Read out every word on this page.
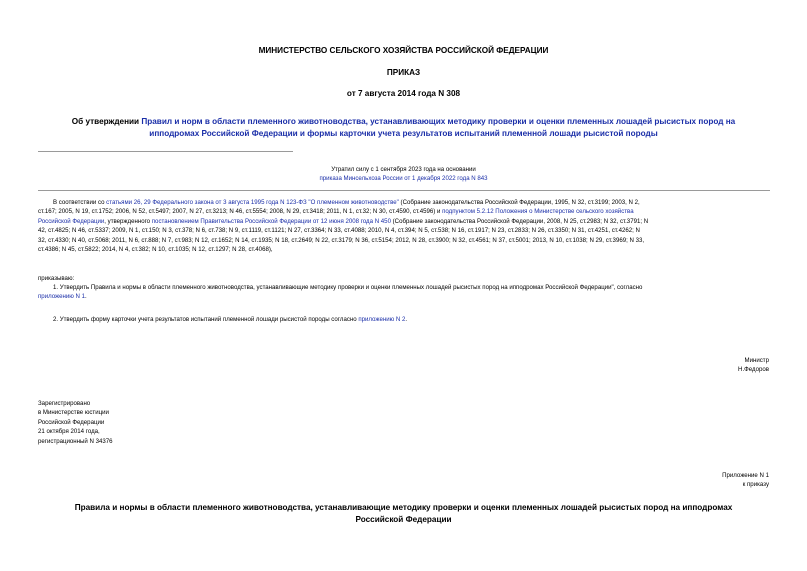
МИНИСТЕРСТВО СЕЛЬСКОГО ХОЗЯЙСТВА РОССИЙСКОЙ ФЕДЕРАЦИИ
ПРИКАЗ
от 7 августа 2014 года N 308
Об утверждении Правил и норм в области племенного животноводства, устанавливающих методику проверки и оценки племенных лошадей рысистых пород на
ипподромах Российской Федерации и формы карточки учета результатов испытаний племенной лошади рысистой породы
Утратил силу с 1 сентября 2023 года на основании
приказа Минсельхоза России от 1 декабря 2022 года N 843
В соответствии со статьями 26, 29 Федерального закона от 3 августа 1995 года N 123-ФЗ "О племенном животноводстве" (Собрание законодательства Российской Федерации, 1995, N 32, ст.3199; 2003, N 2,
ст.167; 2005, N 19, ст.1752; 2006, N 52, ст.5497; 2007, N 27, ст.3213; N 46, ст.5554; 2008, N 29, ст.3418; 2011, N 1, ст.32; N 30, ст.4590, ст.4596) и подпунктом 5.2.12 Положения о Министерстве сельского хозяйства
Российской Федерации, утвержденного постановлением Правительства Российской Федерации от 12 июня 2008 года N 450 (Собрание законодательства Российской Федерации, 2008, N 25, ст.2983; N 32, ст.3791; N
42, ст.4825; N 46, ст.5337; 2009, N 1, ст.150; N 3, ст.378; N 6, ст.738; N 9, ст.1119, ст.1121; N 27, ст.3364; N 33, ст.4088; 2010, N 4, ст.394; N 5, ст.538; N 16, ст.1917; N 23, ст.2833; N 26, ст.3350; N 31, ст.4251, ст.4262; N
32, ст.4330; N 40, ст.5068; 2011, N 6, ст.888; N 7, ст.983; N 12, ст.1652; N 14, ст.1935; N 18, ст.2649; N 22, ст.3179; N 36, ст.5154; 2012, N 28, ст.3900; N 32, ст.4561; N 37, ст.5001; 2013, N 10, ст.1038; N 29, ст.3969; N 33,
ст.4386; N 45, ст.5822; 2014, N 4, ст.382; N 10, ст.1035; N 12, ст.1297; N 28, ст.4068),
приказываю:
1. Утвердить Правила и нормы в области племенного животноводства, устанавливающие методику проверки и оценки племенных лошадей рысистых пород на ипподромах Российской Федерации", согласно
приложению N 1.
2. Утвердить форму карточки учета результатов испытаний племенной лошади рысистой породы согласно приложению N 2.
Министр
Н.Федоров
Зарегистрировано
в Министерстве юстиции
Российской Федерации
21 октября 2014 года,
регистрационный N 34376
Приложение N 1
к приказу
Правила и нормы в области племенного животноводства, устанавливающие методику проверки и оценки племенных лошадей рысистых пород на ипподромах
Российской Федерации
